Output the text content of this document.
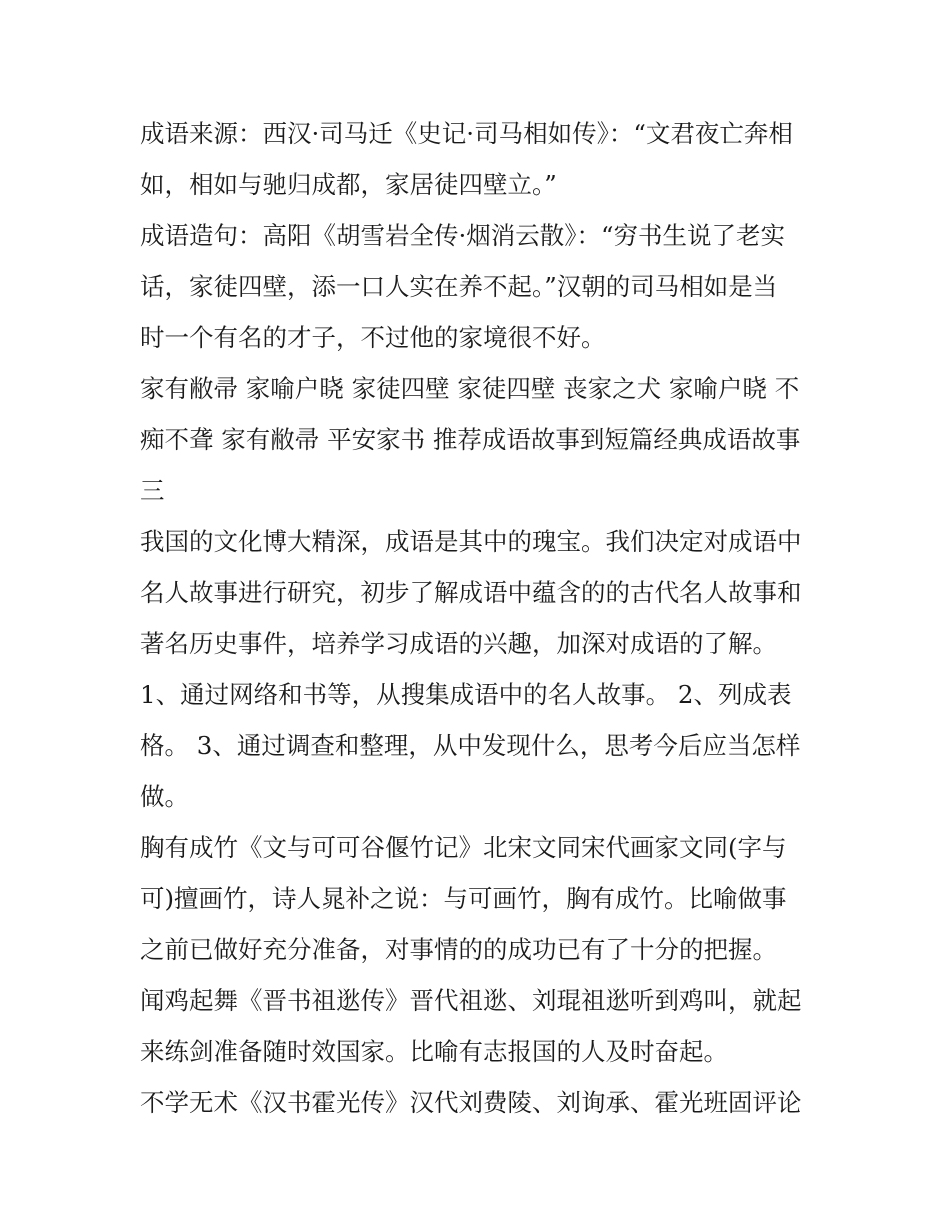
成语来源：西汉·司马迁《史记·司马相如传》：“文君夜亡奔相
如，相如与驰归成都，家居徒四壁立。”
成语造句：高阳《胡雪岩全传·烟消云散》：“穷书生说了老实
话，家徒四壁，添一口人实在养不起。”汉朝的司马相如是当
时一个有名的才子，不过他的家境很不好。
家有敝帚 家喻户晓 家徒四壁 家徒四壁 丧家之犬 家喻户晓 不
痴不聋 家有敝帚 平安家书 推荐成语故事到短篇经典成语故事
三
我国的文化博大精深，成语是其中的瑰宝。我们决定对成语中
名人故事进行研究，初步了解成语中蕴含的的古代名人故事和
著名历史事件，培养学习成语的兴趣，加深对成语的了解。
1、通过网络和书等，从搜集成语中的名人故事。 2、列成表
格。 3、通过调查和整理，从中发现什么，思考今后应当怎样
做。
胸有成竹《文与可可谷偃竹记》北宋文同宋代画家文同(字与
可)擅画竹，诗人晁补之说：与可画竹，胸有成竹。比喻做事
之前已做好充分准备，对事情的的成功已有了十分的把握。
闻鸡起舞《晋书祖逖传》晋代祖逖、刘琨祖逖听到鸡叫，就起
来练剑准备随时效国家。比喻有志报国的人及时奋起。
不学无术《汉书霍光传》汉代刘费陵、刘询承、霍光班固评论
